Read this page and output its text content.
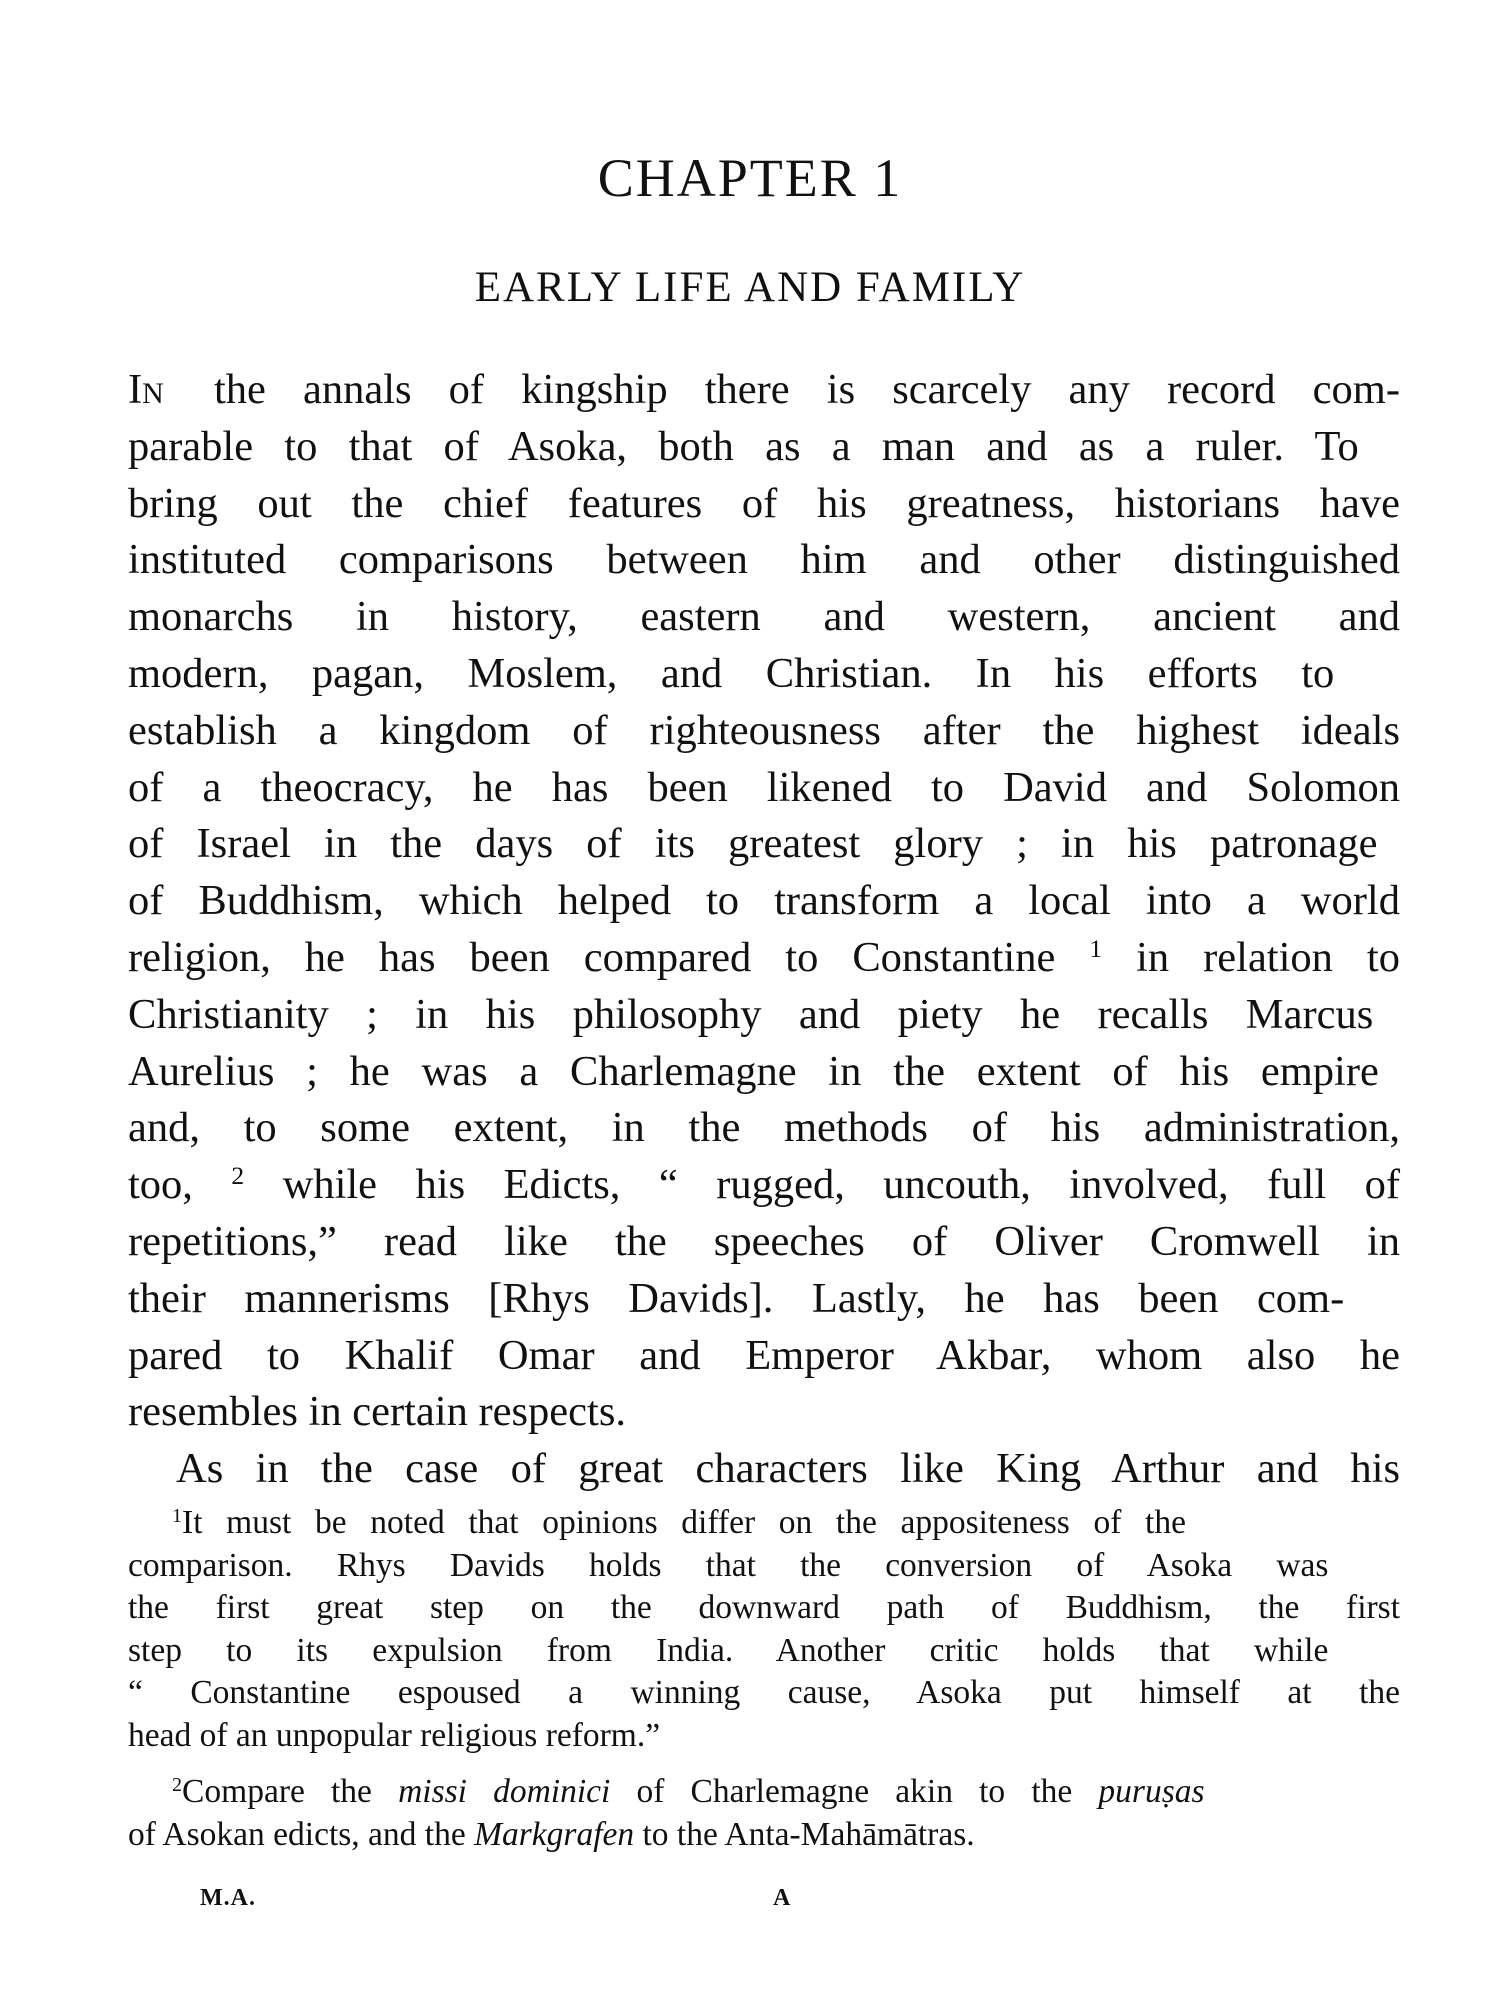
CHAPTER 1
EARLY LIFE AND FAMILY
In the annals of kingship there is scarcely any record com-
parable to that of Asoka, both as a man and as a ruler. To
bring out the chief features of his greatness, historians have
instituted comparisons between him and other distinguished
monarchs in history, eastern and western, ancient and
modern, pagan, Moslem, and Christian. In his efforts to
establish a kingdom of righteousness after the highest ideals
of a theocracy, he has been likened to David and Solomon
of Israel in the days of its greatest glory ; in his patronage
of Buddhism, which helped to transform a local into a world
religion, he has been compared to Constantine $^1$ in relation to
Christianity ; in his philosophy and piety he recalls Marcus
Aurelius ; he was a Charlemagne in the extent of his empire
and, to some extent, in the methods of his administration,
too, $^2$ while his Edicts, “ rugged, uncouth, involved, full of
repetitions,” read like the speeches of Oliver Cromwell in
their mannerisms [Rhys Davids]. Lastly, he has been com-
pared to Khalif Omar and Emperor Akbar, whom also he
resembles in certain respects.
As in the case of great characters like King Arthur and his
$^1$It must be noted that opinions differ on the appositeness of the
comparison. Rhys Davids holds that the conversion of Asoka was
the first great step on the downward path of Buddhism, the first
step to its expulsion from India. Another critic holds that while
“ Constantine espoused a winning cause, Asoka put himself at the
head of an unpopular religious reform.”
$^2$Compare the missi dominici of Charlemagne akin to the puruṣas
of Asokan edicts, and the Markgrafen to the Anta-Mahāmātras.
M.A.	A
